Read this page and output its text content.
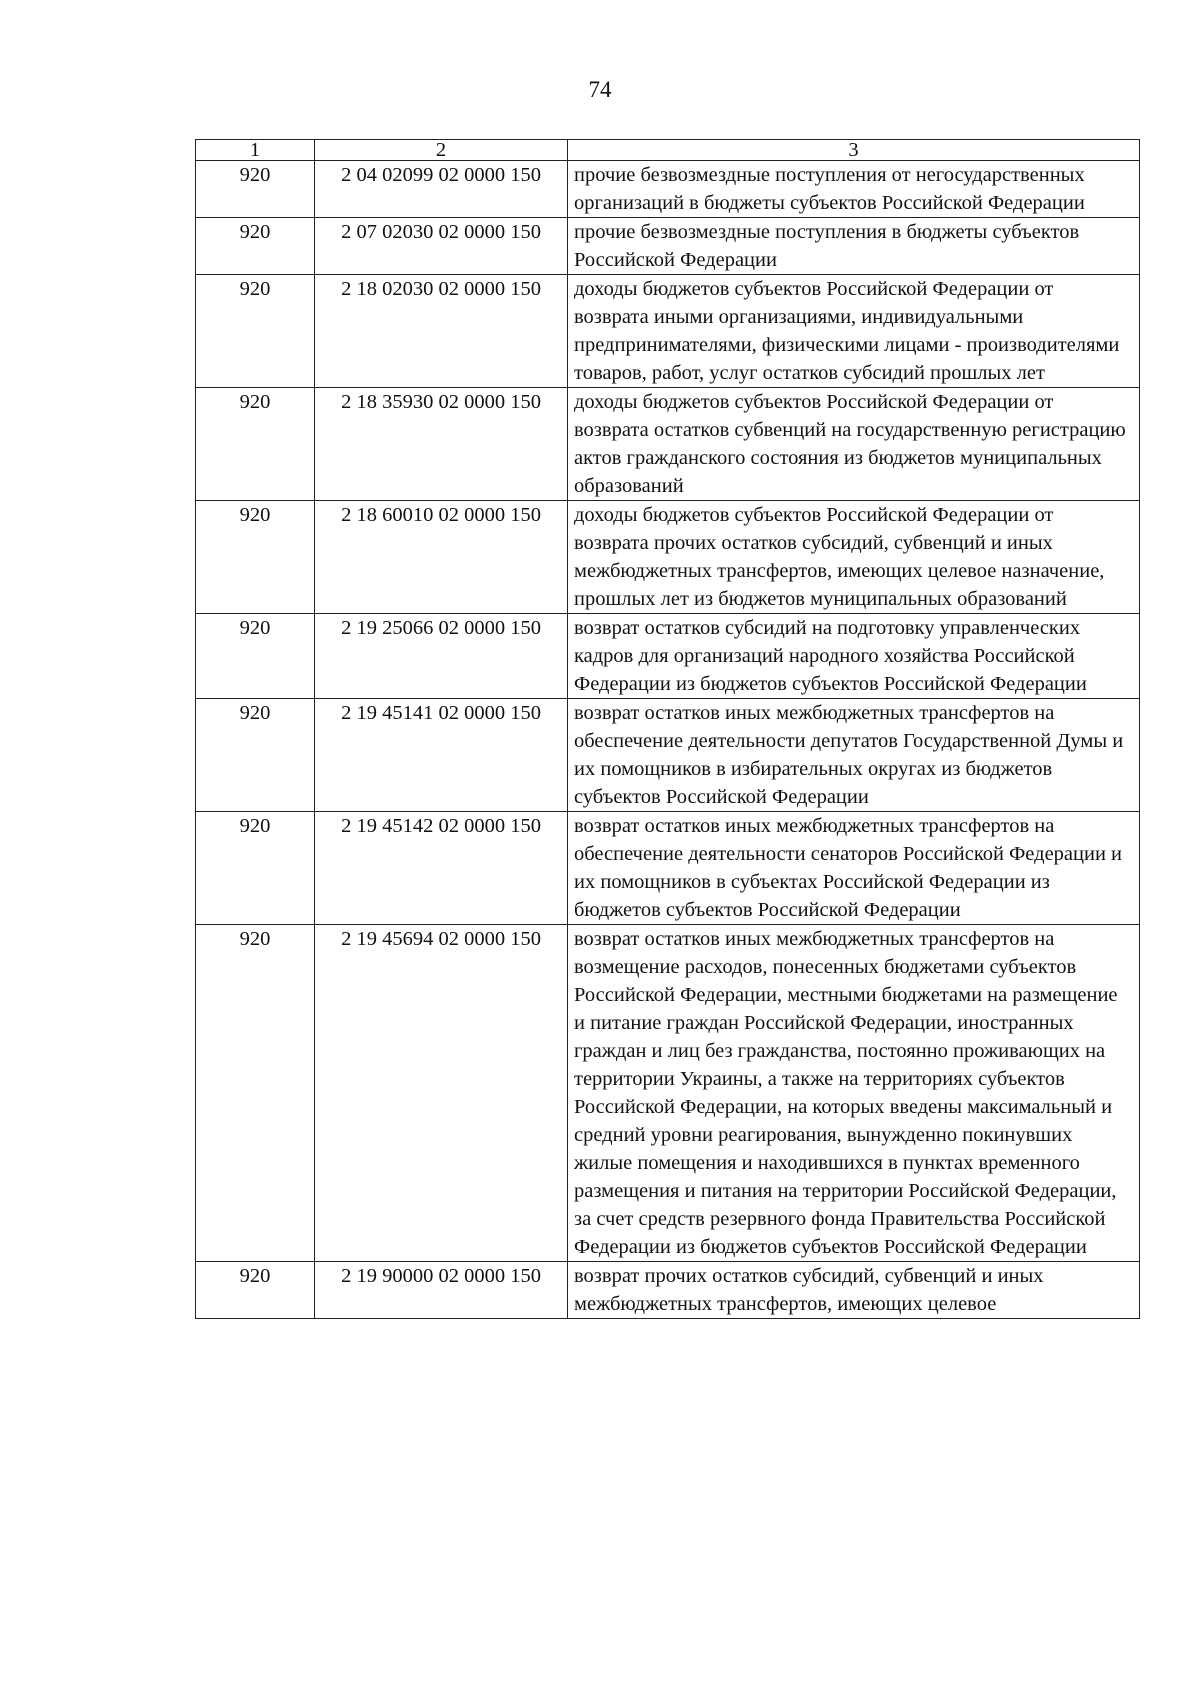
74
1	2	3
920	2 04 02099 02 0000 150	прочие безвозмездные поступления от негосударственных организаций в бюджеты субъектов Российской Федерации
920	2 07 02030 02 0000 150	прочие безвозмездные поступления в бюджеты субъектов Российской Федерации
920	2 18 02030 02 0000 150	доходы бюджетов субъектов Российской Федерации от возврата иными организациями, индивидуальными предпринимателями, физическими лицами - производителями товаров, работ, услуг остатков субсидий прошлых лет
920	2 18 35930 02 0000 150	доходы бюджетов субъектов Российской Федерации от возврата остатков субвенций на государственную регистрацию актов гражданского состояния из бюджетов муниципальных образований
920	2 18 60010 02 0000 150	доходы бюджетов субъектов Российской Федерации от возврата прочих остатков субсидий, субвенций и иных межбюджетных трансфертов, имеющих целевое назначение, прошлых лет из бюджетов муниципальных образований
920	2 19 25066 02 0000 150	возврат остатков субсидий на подготовку управленческих кадров для организаций народного хозяйства Российской Федерации из бюджетов субъектов Российской Федерации
920	2 19 45141 02 0000 150	возврат остатков иных межбюджетных трансфертов на обеспечение деятельности депутатов Государственной Думы и их помощников в избирательных округах из бюджетов субъектов Российской Федерации
920	2 19 45142 02 0000 150	возврат остатков иных межбюджетных трансфертов на обеспечение деятельности сенаторов Российской Федерации и их помощников в субъектах Российской Федерации из бюджетов субъектов Российской Федерации
920	2 19 45694 02 0000 150	возврат остатков иных межбюджетных трансфертов на возмещение расходов, понесенных бюджетами субъектов Российской Федерации, местными бюджетами на размещение и питание граждан Российской Федерации, иностранных граждан и лиц без гражданства, постоянно проживающих на территории Украины, а также на территориях субъектов Российской Федерации, на которых введены максимальный и средний уровни реагирования, вынужденно покинувших жилые помещения и находившихся в пунктах временного размещения и питания на территории Российской Федерации, за счет средств резервного фонда Правительства Российской Федерации из бюджетов субъектов Российской Федерации
920	2 19 90000 02 0000 150	возврат прочих остатков субсидий, субвенций и иных межбюджетных трансфертов, имеющих целевое
